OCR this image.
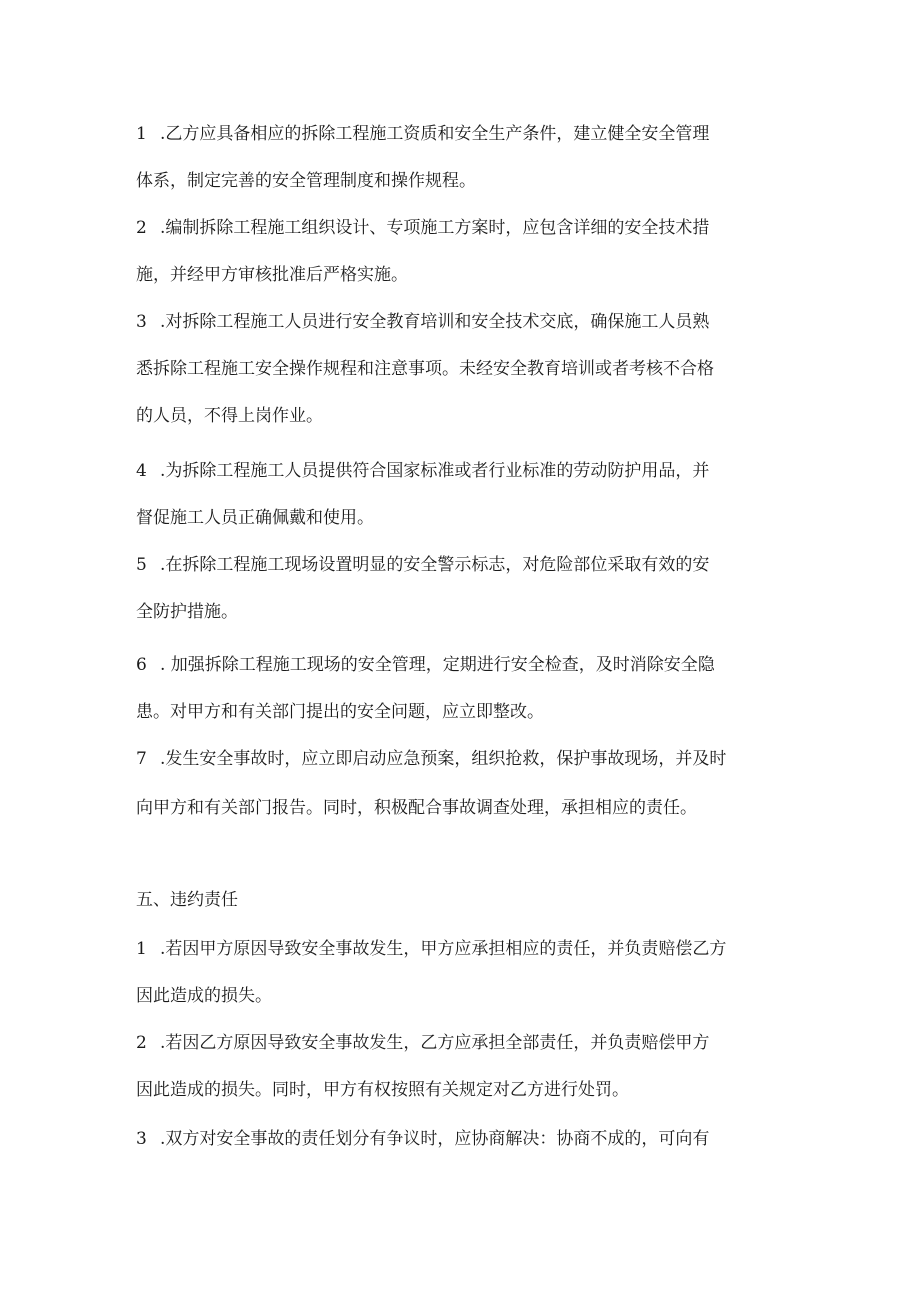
1 .乙方应具备相应的拆除工程施工资质和安全生产条件，建立健全安全管理
体系，制定完善的安全管理制度和操作规程。
2 .编制拆除工程施工组织设计、专项施工方案时，应包含详细的安全技术措
施，并经甲方审核批准后严格实施。
3 .对拆除工程施工人员进行安全教育培训和安全技术交底，确保施工人员熟
悉拆除工程施工安全操作规程和注意事项。未经安全教育培训或者考核不合格
的人员，不得上岗作业。
4 .为拆除工程施工人员提供符合国家标准或者行业标准的劳动防护用品，并
督促施工人员正确佩戴和使用。
5 .在拆除工程施工现场设置明显的安全警示标志，对危险部位采取有效的安
全防护措施。
6 . 加强拆除工程施工现场的安全管理，定期进行安全检查，及时消除安全隐
患。对甲方和有关部门提出的安全问题，应立即整改。
7 .发生安全事故时，应立即启动应急预案，组织抢救，保护事故现场，并及时
向甲方和有关部门报告。同时，积极配合事故调查处理，承担相应的责任。
五、违约责任
1 .若因甲方原因导致安全事故发生，甲方应承担相应的责任，并负责赔偿乙方
因此造成的损失。
2 .若因乙方原因导致安全事故发生，乙方应承担全部责任，并负责赔偿甲方
因此造成的损失。同时，甲方有权按照有关规定对乙方进行处罚。
3 .双方对安全事故的责任划分有争议时，应协商解决：协商不成的，可向有
